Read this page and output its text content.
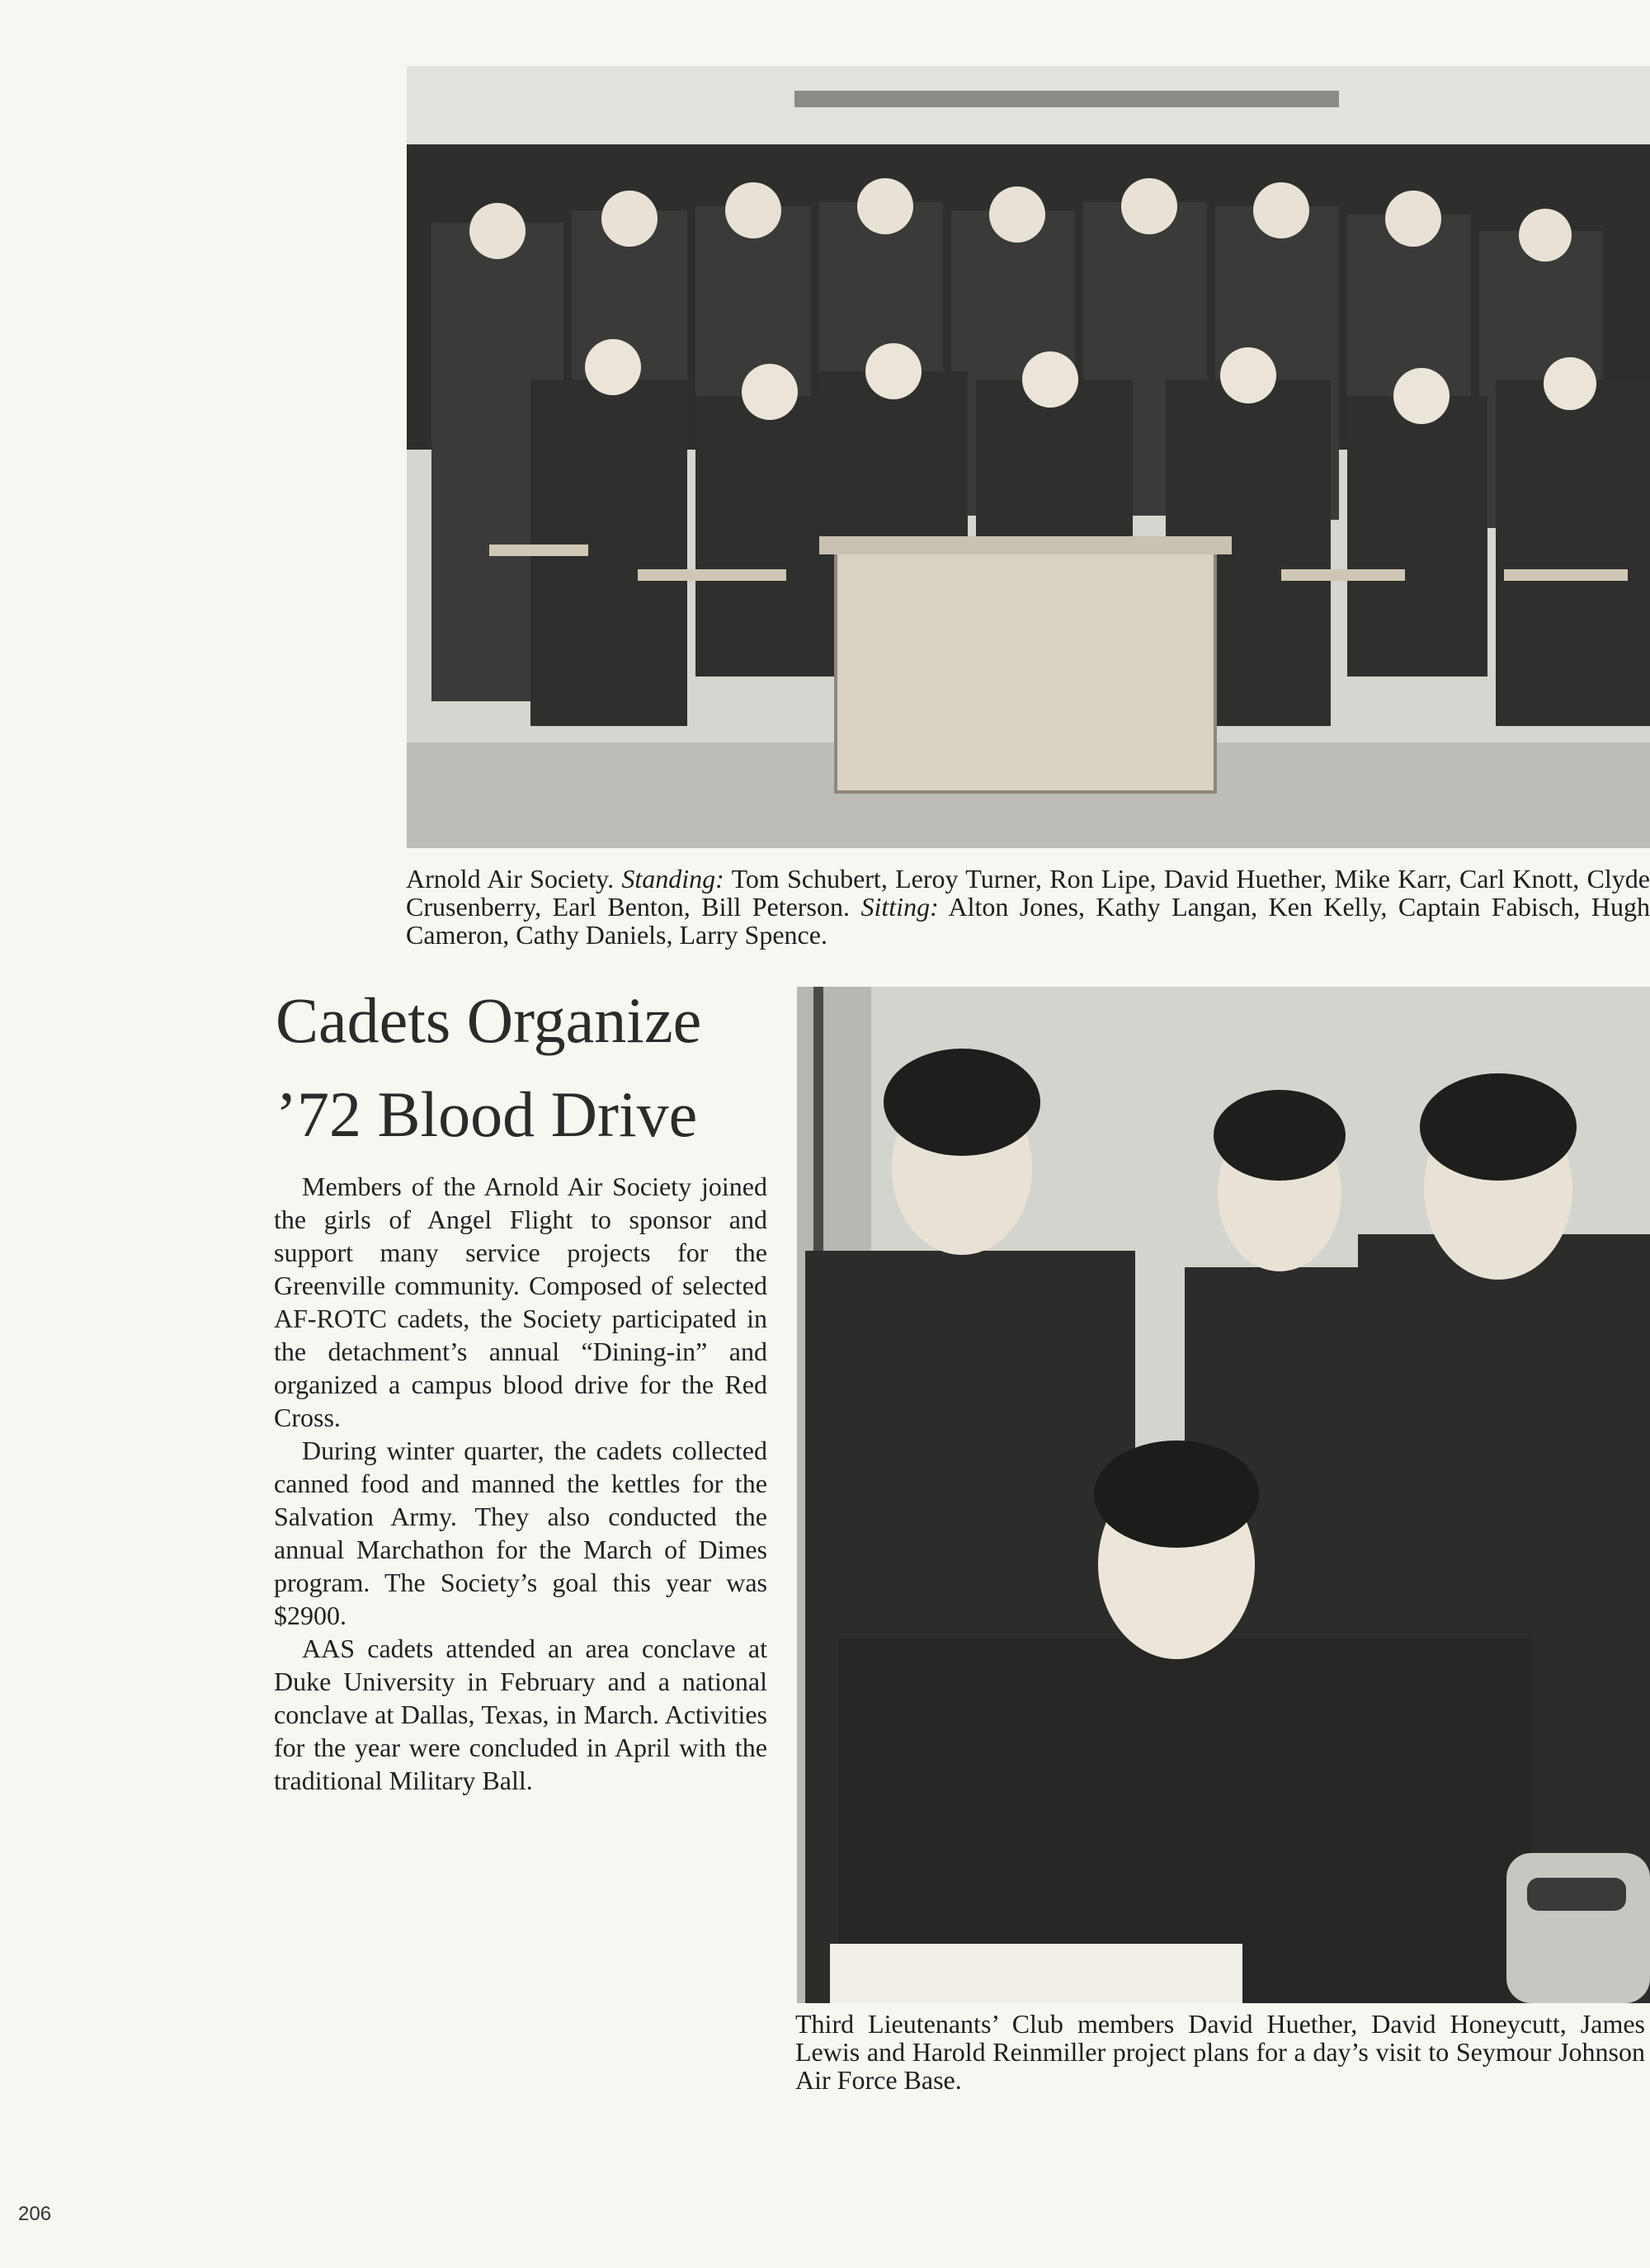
Arnold Air Society. Standing: Tom Schubert, Leroy Turner, Ron Lipe, David Huether, Mike Karr, Carl Knott, Clyde Crusenberry, Earl Benton, Bill Peterson. Sitting: Alton Jones, Kathy Langan, Ken Kelly, Captain Fabisch, Hugh Cameron, Cathy Daniels, Larry Spence.
Cadets Organize
’72 Blood Drive

Members of the Arnold Air Society joined the girls of Angel Flight to sponsor and support many service projects for the Greenville community. Composed of selected AF-ROTC cadets, the Society participated in the detachment’s annual “Dining-in” and organized a campus blood drive for the Red Cross.

During winter quarter, the cadets collected canned food and manned the kettles for the Salvation Army. They also conducted the annual Marchathon for the March of Dimes program. The Society’s goal this year was $2900.

AAS cadets attended an area conclave at Duke University in February and a national conclave at Dallas, Texas, in March. Activities for the year were concluded in April with the traditional Military Ball.

Third Lieutenants’ Club members David Huether, David Honeycutt, James Lewis and Harold Reinmiller project plans for a day’s visit to Seymour Johnson Air Force Base.
206
